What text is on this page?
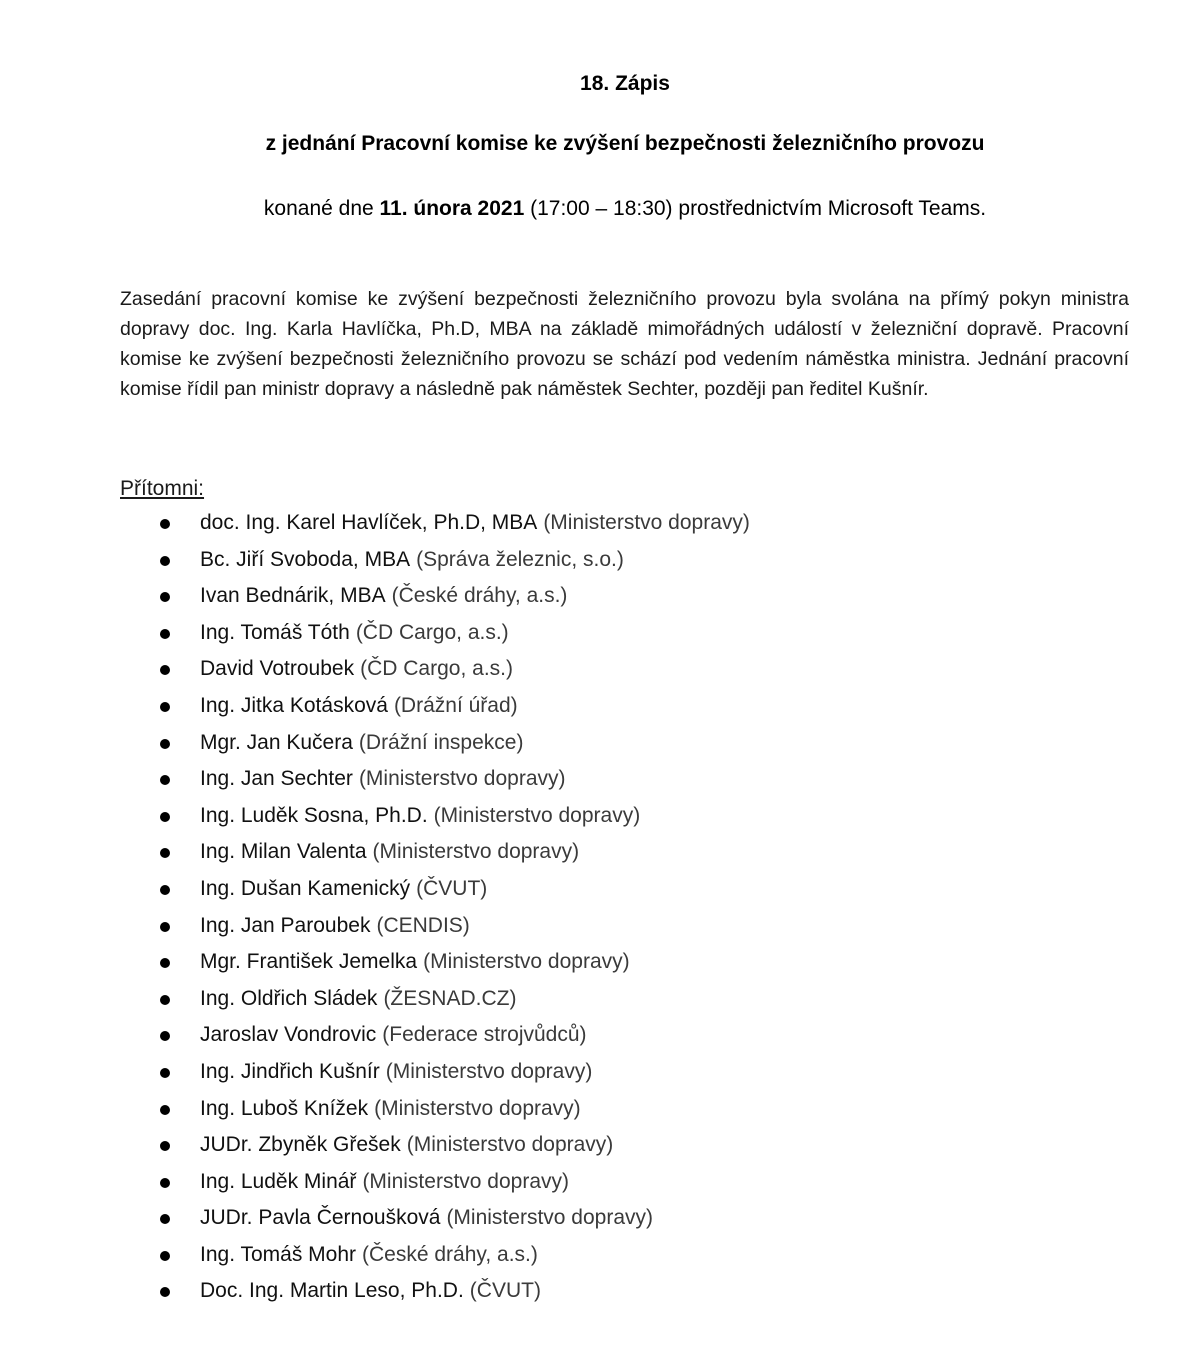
18. Zápis
z jednání Pracovní komise ke zvýšení bezpečnosti železničního provozu

konané dne 11. února 2021 (17:00 – 18:30) prostřednictvím Microsoft Teams.

Zasedání pracovní komise ke zvýšení bezpečnosti železničního provozu byla svolána na přímý pokyn ministra dopravy doc. Ing. Karla Havlíčka, Ph.D, MBA na základě mimořádných událostí v železniční dopravě. Pracovní komise ke zvýšení bezpečnosti železničního provozu se schází pod vedením náměstka ministra. Jednání pracovní komise řídil pan ministr dopravy a následně pak náměstek Sechter, později pan ředitel Kušnír.

Přítomni:

doc. Ing. Karel Havlíček, Ph.D, MBA (Ministerstvo dopravy)
Bc. Jiří Svoboda, MBA (Správa železnic, s.o.)
Ivan Bednárik, MBA (České dráhy, a.s.)
Ing. Tomáš Tóth (ČD Cargo, a.s.)
David Votroubek (ČD Cargo, a.s.)
Ing. Jitka Kotásková (Drážní úřad)
Mgr. Jan Kučera (Drážní inspekce)
Ing. Jan Sechter (Ministerstvo dopravy)
Ing. Luděk Sosna, Ph.D. (Ministerstvo dopravy)
Ing. Milan Valenta (Ministerstvo dopravy)
Ing. Dušan Kamenický (ČVUT)
Ing. Jan Paroubek (CENDIS)
Mgr. František Jemelka (Ministerstvo dopravy)
Ing. Oldřich Sládek (ŽESNAD.CZ)
Jaroslav Vondrovic (Federace strojvůdců)
Ing. Jindřich Kušnír (Ministerstvo dopravy)
Ing. Luboš Knížek (Ministerstvo dopravy)
JUDr. Zbyněk Gřešek (Ministerstvo dopravy)
Ing. Luděk Minář (Ministerstvo dopravy)
JUDr. Pavla Černoušková (Ministerstvo dopravy)
Ing. Tomáš Mohr (České dráhy, a.s.)
Doc. Ing. Martin Leso, Ph.D. (ČVUT)
